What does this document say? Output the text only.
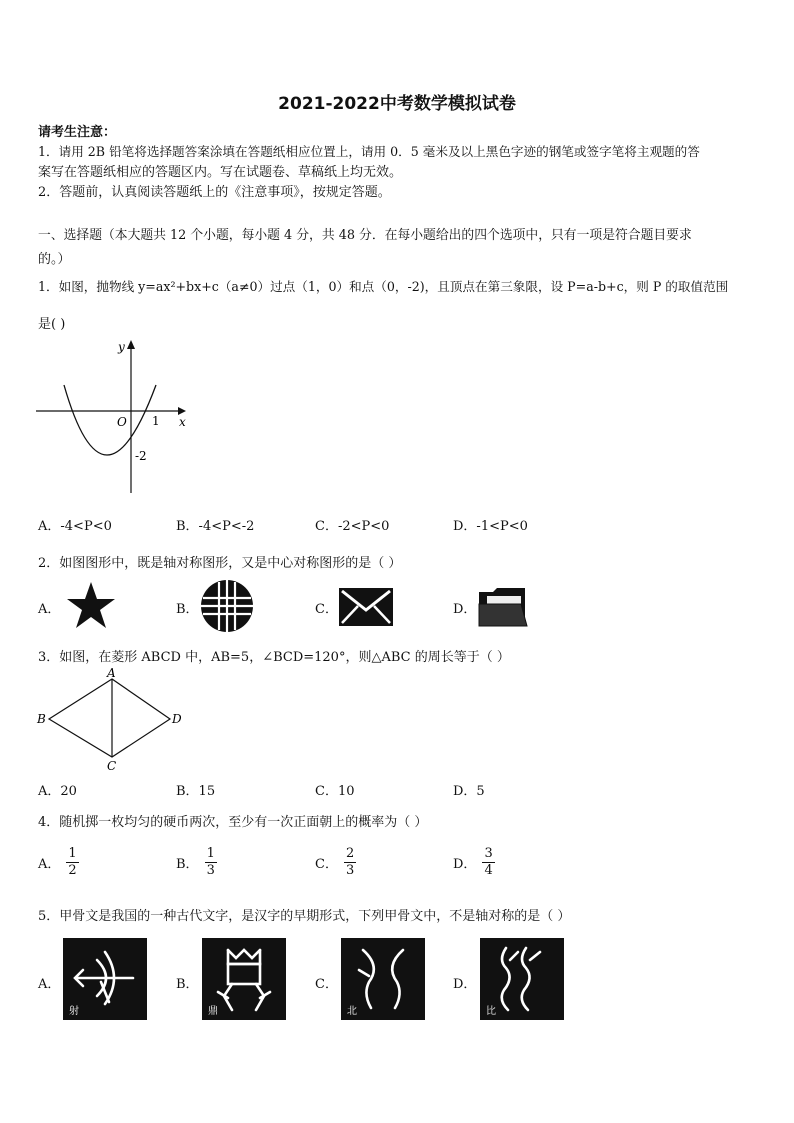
2021-2022中考数学模拟试卷
请考生注意：
1．请用 2B 铅笔将选择题答案涂填在答题纸相应位置上，请用 0．5 毫米及以上黑色字迹的钢笔或签字笔将主观题的答
案写在答题纸相应的答题区内。写在试题卷、草稿纸上均无效。
2．答题前，认真阅读答题纸上的《注意事项》，按规定答题。
一、选择题（本大题共 12 个小题，每小题 4 分，共 48 分．在每小题给出的四个选项中，只有一项是符合题目要求
的。）
1．如图，抛物线 y=ax²+bx+c（a≠0）过点（1，0）和点（0，-2)，且顶点在第三象限，设 P=a-b+c，则 P 的取值范围
是( )
y
x
O 1
-2
A．-4<P<0	B．-4<P<-2	C．-2<P<0	D．-1<P<0
2．如图图形中，既是轴对称图形，又是中心对称图形的是（ ）
A．	B．	C．	D．
3．如图，在菱形 ABCD 中，AB=5，∠BCD=120°，则△ABC 的周长等于（ ）
A
B
C
D
A．20	B．15	C．10	D．5
4．随机掷一枚均匀的硬币两次，至少有一次正面朝上的概率为（ ）
A． $\frac{1}{2}$	B． $\frac{1}{3}$	C． $\frac{2}{3}$	D． $\frac{3}{4}$
5．甲骨文是我国的一种古代文字，是汉字的早期形式，下列甲骨文中，不是轴对称的是（ ）
A．
射
B．
鼎
C．
北
D．
比
